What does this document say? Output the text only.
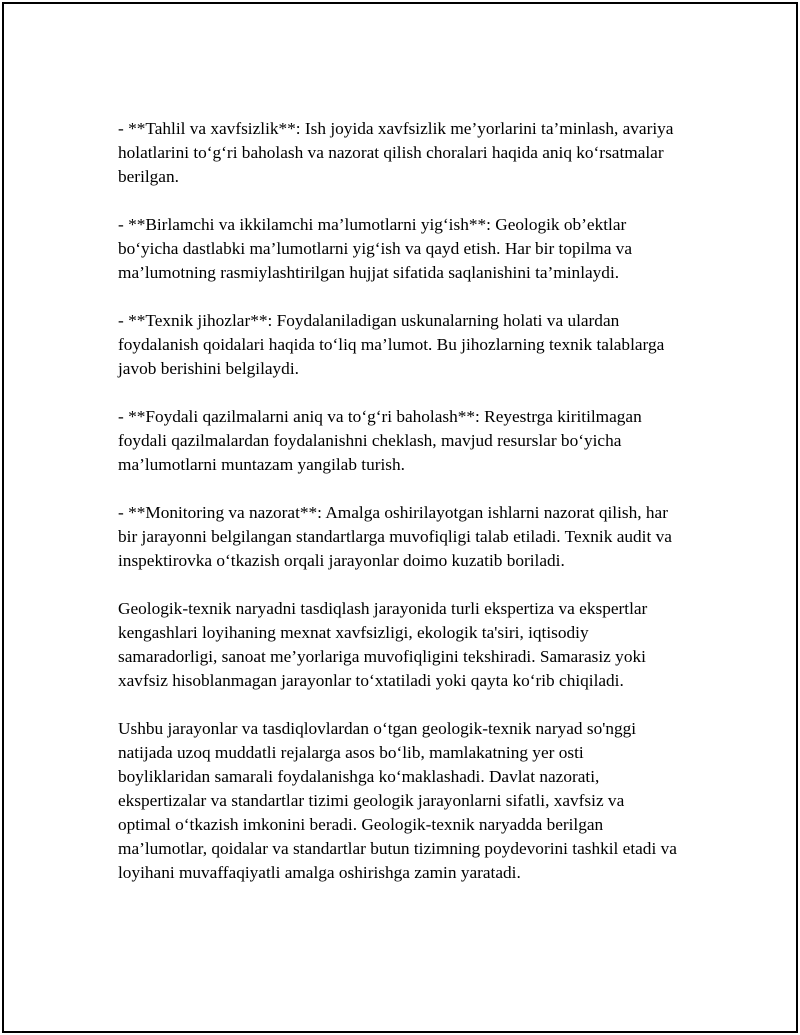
- **Tahlil va xavfsizlik**: Ish joyida xavfsizlik me’yorlarini ta’minlash, avariya holatlarini to‘g‘ri baholash va nazorat qilish choralari haqida aniq ko‘rsatmalar berilgan.

- **Birlamchi va ikkilamchi ma’lumotlarni yig‘ish**: Geologik ob’ektlar bo‘yicha dastlabki ma’lumotlarni yig‘ish va qayd etish. Har bir topilma va ma’lumotning rasmiylashtirilgan hujjat sifatida saqlanishini ta’minlaydi.

- **Texnik jihozlar**: Foydalaniladigan uskunalarning holati va ulardan foydalanish qoidalari haqida to‘liq ma’lumot. Bu jihozlarning texnik talablarga javob berishini belgilaydi.

- **Foydali qazilmalarni aniq va to‘g‘ri baholash**: Reyestrga kiritilmagan foydali qazilmalardan foydalanishni cheklash, mavjud resurslar bo‘yicha ma’lumotlarni muntazam yangilab turish.

- **Monitoring va nazorat**: Amalga oshirilayotgan ishlarni nazorat qilish, har bir jarayonni belgilangan standartlarga muvofiqligi talab etiladi. Texnik audit va inspektirovka o‘tkazish orqali jarayonlar doimo kuzatib boriladi.

Geologik-texnik naryadni tasdiqlash jarayonida turli ekspertiza va ekspertlar kengashlari loyihaning mexnat xavfsizligi, ekologik ta'siri, iqtisodiy samaradorligi, sanoat me’yorlariga muvofiqligini tekshiradi. Samarasiz yoki xavfsiz hisoblanmagan jarayonlar to‘xtatiladi yoki qayta ko‘rib chiqiladi.

Ushbu jarayonlar va tasdiqlovlardan o‘tgan geologik-texnik naryad so'nggi natijada uzoq muddatli rejalarga asos bo‘lib, mamlakatning yer osti boyliklaridan samarali foydalanishga ko‘maklashadi. Davlat nazorati, ekspertizalar va standartlar tizimi geologik jarayonlarni sifatli, xavfsiz va optimal o‘tkazish imkonini beradi. Geologik-texnik naryadda berilgan ma’lumotlar, qoidalar va standartlar butun tizimning poydevorini tashkil etadi va loyihani muvaffaqiyatli amalga oshirishga zamin yaratadi.
